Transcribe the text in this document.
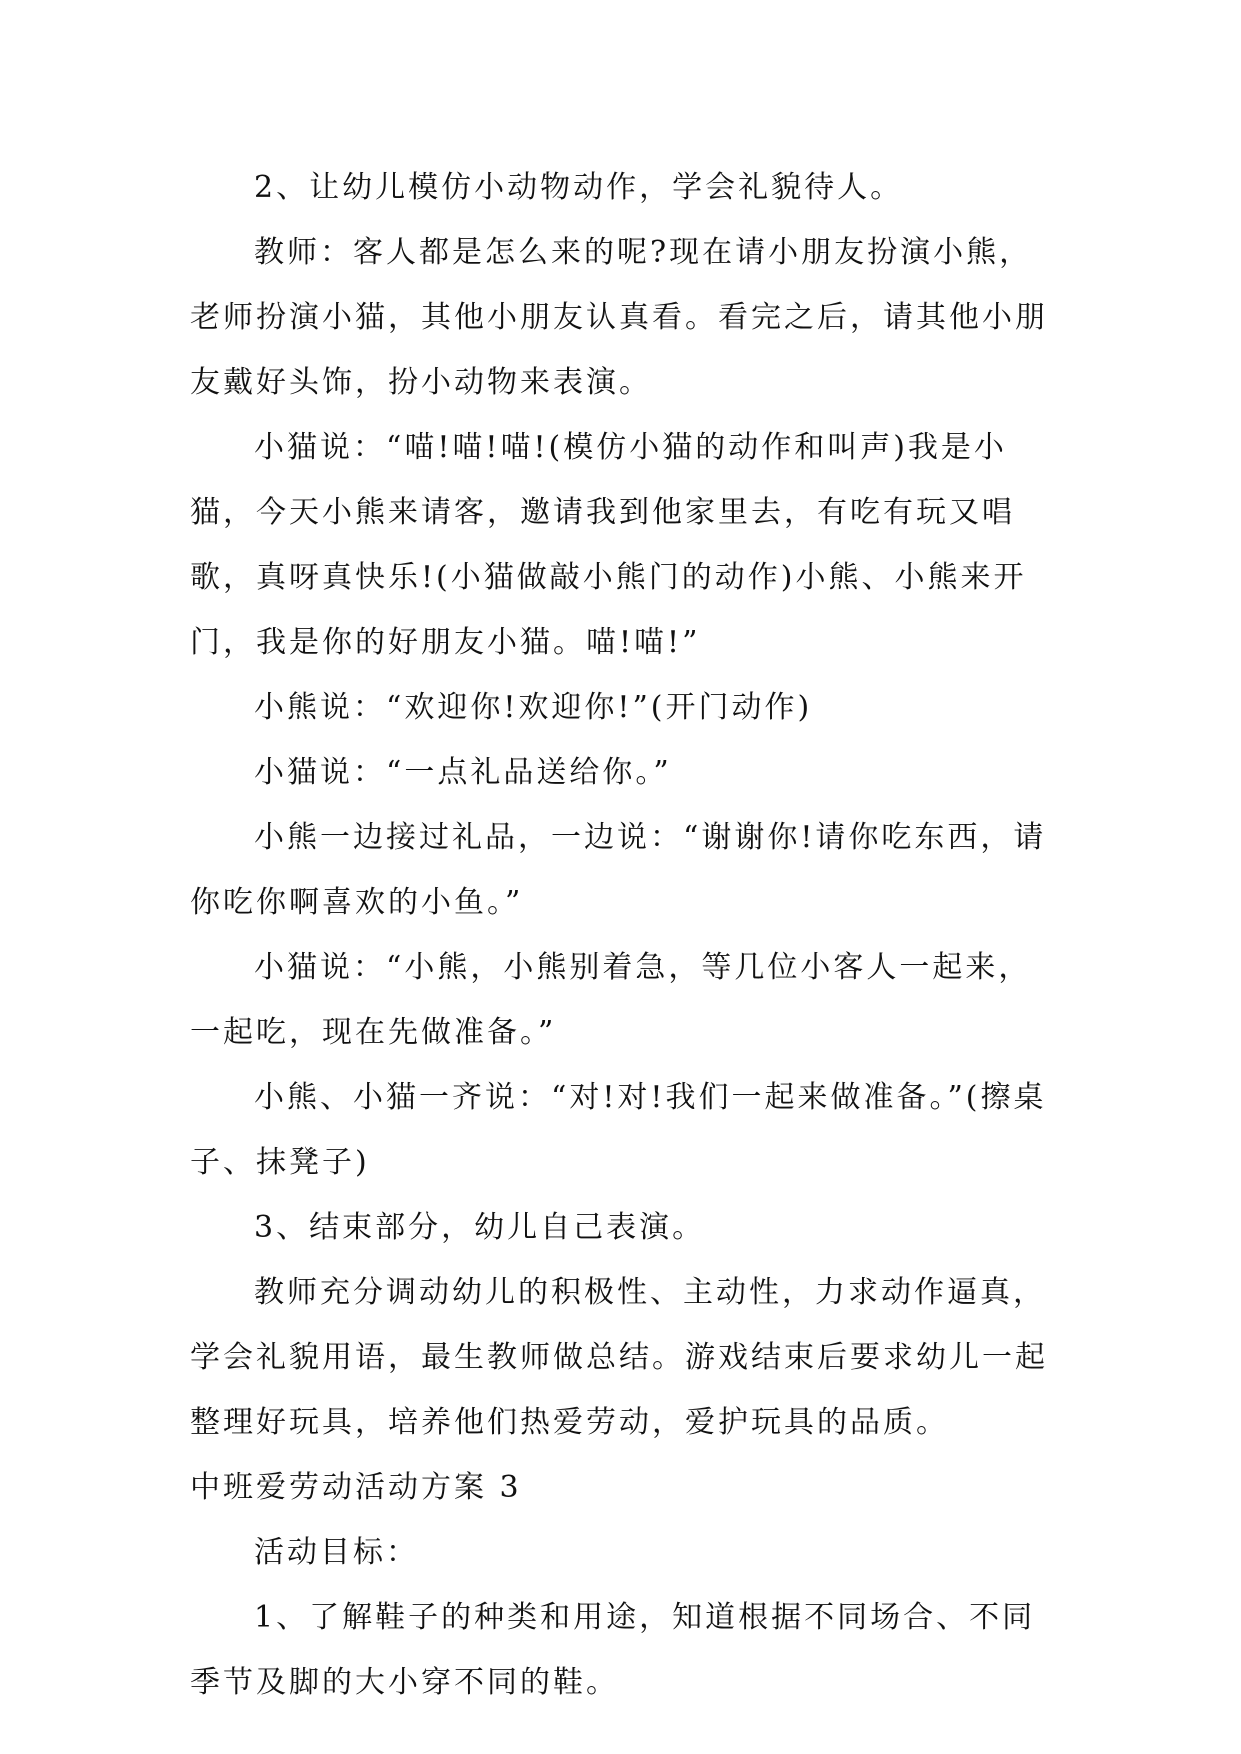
2、让幼儿模仿小动物动作，学会礼貌待人。

教师：客人都是怎么来的呢?现在请小朋友扮演小熊，老师扮演小猫，其他小朋友认真看。看完之后，请其他小朋友戴好头饰，扮小动物来表演。

小猫说：“喵!喵!喵!(模仿小猫的动作和叫声)我是小猫，今天小熊来请客，邀请我到他家里去，有吃有玩又唱歌，真呀真快乐!(小猫做敲小熊门的动作)小熊、小熊来开门，我是你的好朋友小猫。喵!喵!”

小熊说：“欢迎你!欢迎你!”(开门动作)

小猫说：“一点礼品送给你。”

小熊一边接过礼品，一边说：“谢谢你!请你吃东西，请你吃你啊喜欢的小鱼。”

小猫说：“小熊，小熊别着急，等几位小客人一起来，一起吃，现在先做准备。”

小熊、小猫一齐说：“对!对!我们一起来做准备。”(擦桌子、抹凳子)

3、结束部分，幼儿自己表演。

教师充分调动幼儿的积极性、主动性，力求动作逼真，学会礼貌用语，最生教师做总结。游戏结束后要求幼儿一起整理好玩具，培养他们热爱劳动，爱护玩具的品质。

中班爱劳动活动方案 3

活动目标：

1、了解鞋子的种类和用途，知道根据不同场合、不同季节及脚的大小穿不同的鞋。
